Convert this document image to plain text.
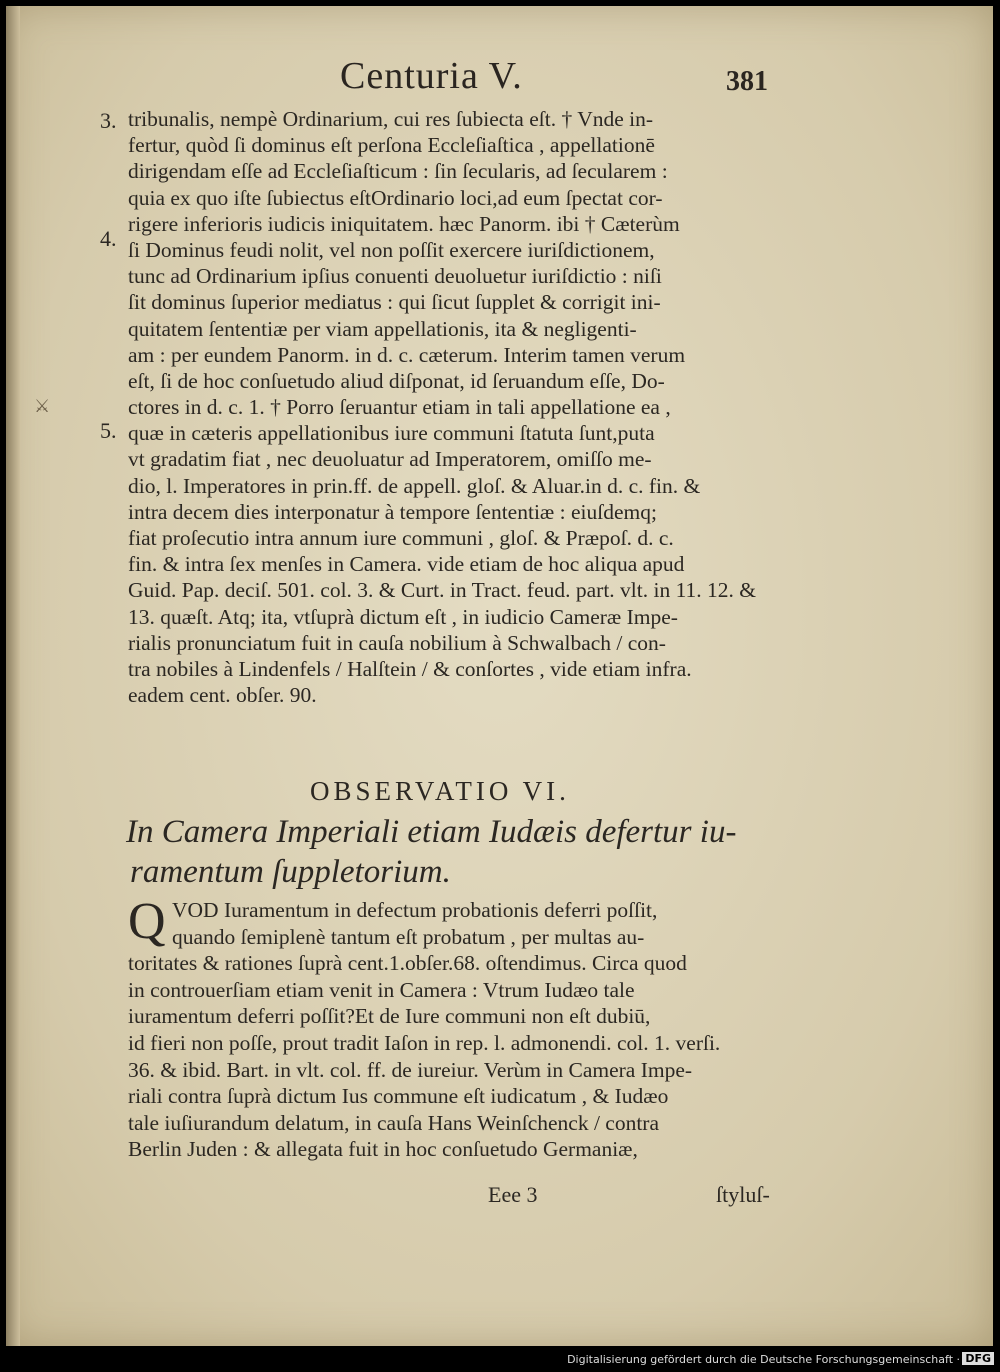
Centuria V.	381
3.
4.
5.
⚔
tribunalis, nempè Ordinarium, cui res ſubiecta eſt. † Vnde in-
fertur, quòd ſi dominus eſt perſona Eccleſiaſtica , appellationē
dirigendam eſſe ad Eccleſiaſticum : ſin ſecularis, ad ſecularem :
quia ex quo iſte ſubiectus eſtOrdinario loci,ad eum ſpectat cor-
rigere inferioris iudicis iniquitatem. hæc Panorm. ibi † Cæterùm
ſi Dominus feudi nolit, vel non poſſit exercere iuriſdictionem,
tunc ad Ordinarium ipſius conuenti deuoluetur iuriſdictio : niſi
ſit dominus ſuperior mediatus : qui ſicut ſupplet & corrigit ini-
quitatem ſententiæ per viam appellationis, ita & negligenti-
am : per eundem Panorm. in d. c. cæterum. Interim tamen verum
eſt, ſi de hoc conſuetudo aliud diſponat, id ſeruandum eſſe, Do-
ctores in d. c. 1. † Porro ſeruantur etiam in tali appellatione ea ,
quæ in cæteris appellationibus iure communi ſtatuta ſunt,puta
vt gradatim fiat , nec deuoluatur ad Imperatorem, omiſſo me-
dio, l. Imperatores in prin.ff. de appell. gloſ. & Aluar.in d. c. fin. &
intra decem dies interponatur à tempore ſententiæ : eiuſdemq;
fiat proſecutio intra annum iure communi , gloſ. & Præpoſ. d. c.
fin. & intra ſex menſes in Camera. vide etiam de hoc aliqua apud
Guid. Pap. deciſ. 501. col. 3. & Curt. in Tract. feud. part. vlt. in 11. 12. &
13. quæſt. Atq; ita, vtſuprà dictum eſt , in iudicio Cameræ Impe-
rialis pronunciatum fuit in cauſa nobilium à Schwalbach / con-
tra nobiles à Lindenfels / Halſtein / & conſortes , vide etiam infra.
eadem cent. obſer. 90.
OBSERVATIO VI.
In Camera Imperiali etiam Iudæis defertur iu-
ramentum ſuppletorium.
Q VOD Iuramentum in defectum probationis deferri poſſit,
quando ſemiplenè tantum eſt probatum , per multas au-
toritates & rationes ſuprà cent.1.obſer.68. oſtendimus. Circa quod
in controuerſiam etiam venit in Camera : Vtrum Iudæo tale
iuramentum deferri poſſit?Et de Iure communi non eſt dubiū,
id fieri non poſſe, prout tradit Iaſon in rep. l. admonendi. col. 1. verſi.
36. & ibid. Bart. in vlt. col. ff. de iureiur. Verùm in Camera Impe-
riali contra ſuprà dictum Ius commune eſt iudicatum , & Iudæo
tale iuſiurandum delatum, in cauſa Hans Weinſchenck / contra
Berlin Juden : & allegata fuit in hoc conſuetudo Germaniæ,
Eee 3	ſtyluſ-
Digitalisierung gefördert durch die Deutsche Forschungsgemeinschaft · DFG
